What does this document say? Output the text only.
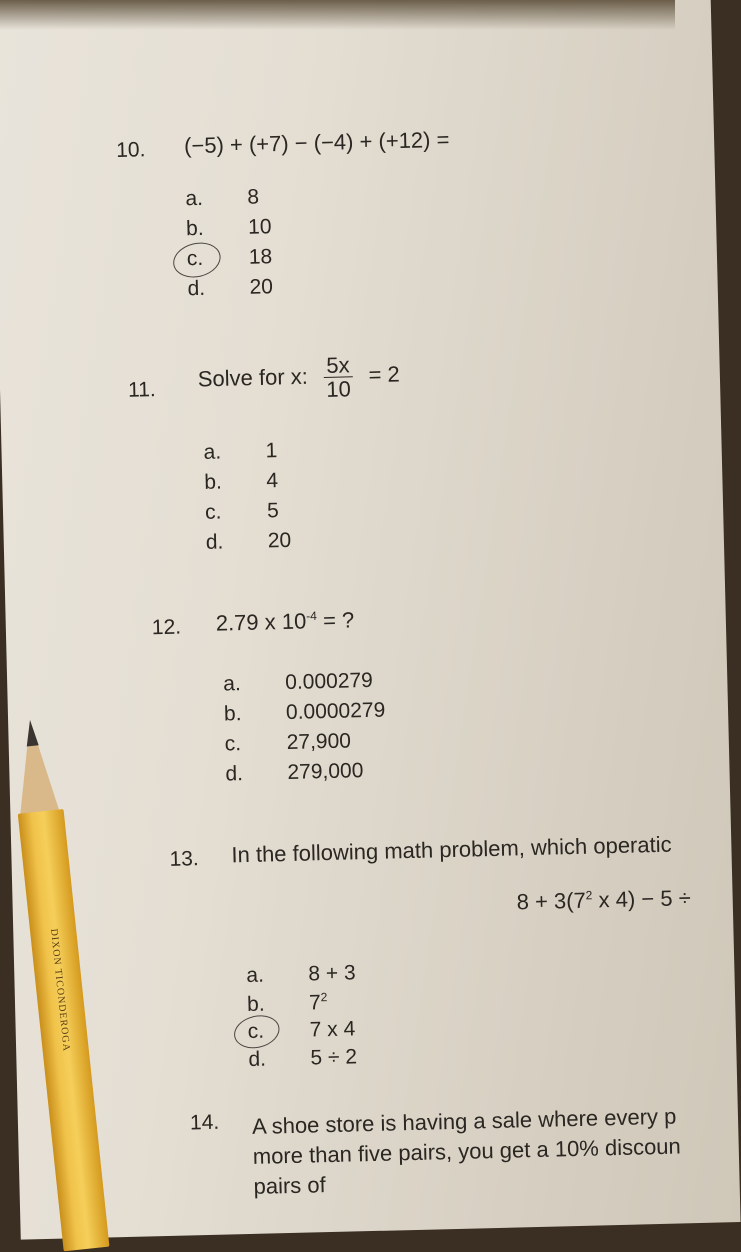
10. (−5) + (+7) − (−4) + (+12) =
a. 8
b. 10
c. 18
d. 20
11. Solve for x: $\frac{5x}{10} = 2$
a. 1
b. 4
c. 5
d. 20
12. 2.79 x $10^{-4}$ = ?
a. 0.000279
b. 0.0000279
c. 27,900
d. 279,000
13. In the following math problem, which operatic
$8 + 3(7^2$ x 4) − 5 ÷
a. 8 + 3
b. $7^2$
c. 7 x 4
d. 5 ÷ 2
14. A shoe store is having a sale where every p
more than five pairs, you get a 10% discoun
pairs of
DIXON TICONDEROGA
